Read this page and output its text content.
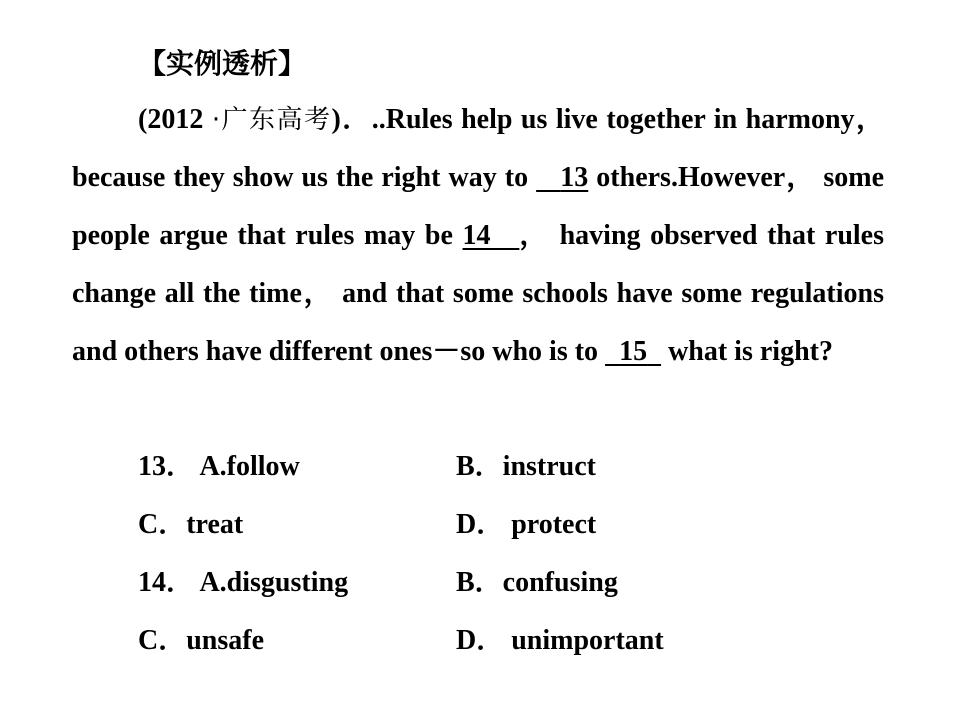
【实例透析】
(2012 ·广东高考)．..Rules help us live together in harmony，because they show us the right way to    13 others.However， some people argue that rules may be 14 ， having observed that rules change all the time， and that some schools have some regulations and others have different ones－so who is to   15   what is right?
13． A.follow	B．instruct
C．treat	D． protect
14． A.disgusting	B．confusing
C．unsafe	D． unimportant
